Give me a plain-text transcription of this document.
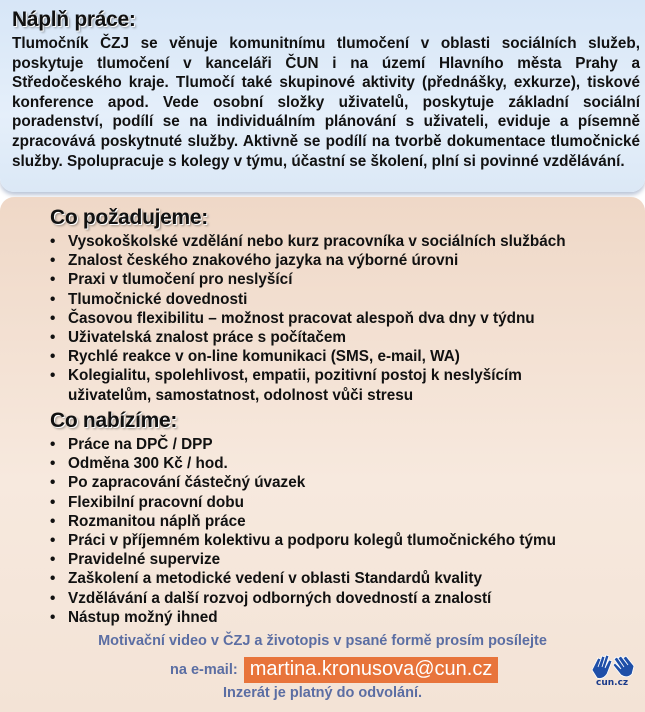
Náplň práce:

Tlumočník ČZJ se věnuje komunitnímu tlumočení v oblasti sociálních služeb, poskytuje tlumočení v kanceláři ČUN i na území Hlavního města Prahy a Středočeského kraje. Tlumočí také skupinové aktivity (přednášky, exkurze), tiskové konference apod. Vede osobní složky uživatelů, poskytuje základní sociální poradenství, podílí se na individuálním plánování s uživateli, eviduje a písemně zpracovává poskytnuté služby. Aktivně se podílí na tvorbě dokumentace tlumočnické služby. Spolupracuje s kolegy v týmu, účastní se školení, plní si povinné vzdělávání.

Co požadujeme:
• Vysokoškolské vzdělání nebo kurz pracovníka v sociálních službách
• Znalost českého znakového jazyka na výborné úrovni
• Praxi v tlumočení pro neslyšící
• Tlumočnické dovednosti
• Časovou flexibilitu – možnost pracovat alespoň dva dny v týdnu
• Uživatelská znalost práce s počítačem
• Rychlé reakce v on-line komunikaci (SMS, e-mail, WA)
• Kolegialitu, spolehlivost, empatii, pozitivní postoj k neslyšícím uživatelům, samostatnost, odolnost vůči stresu
Co nabízíme:
• Práce na DPČ / DPP
• Odměna 300 Kč / hod.
• Po zapracování částečný úvazek
• Flexibilní pracovní dobu
• Rozmanitou náplň práce
• Práci v příjemném kolektivu a podporu kolegů tlumočnického týmu
• Pravidelné supervize
• Zaškolení a metodické vedení v oblasti Standardů kvality
• Vzdělávání a další rozvoj odborných dovedností a znalostí
• Nástup možný ihned
Motivační video v ČZJ a životopis v psané formě prosím posílejte
na e-mail: martina.kronusova@cun.cz
Inzerát je platný do odvolání.
cun.cz
